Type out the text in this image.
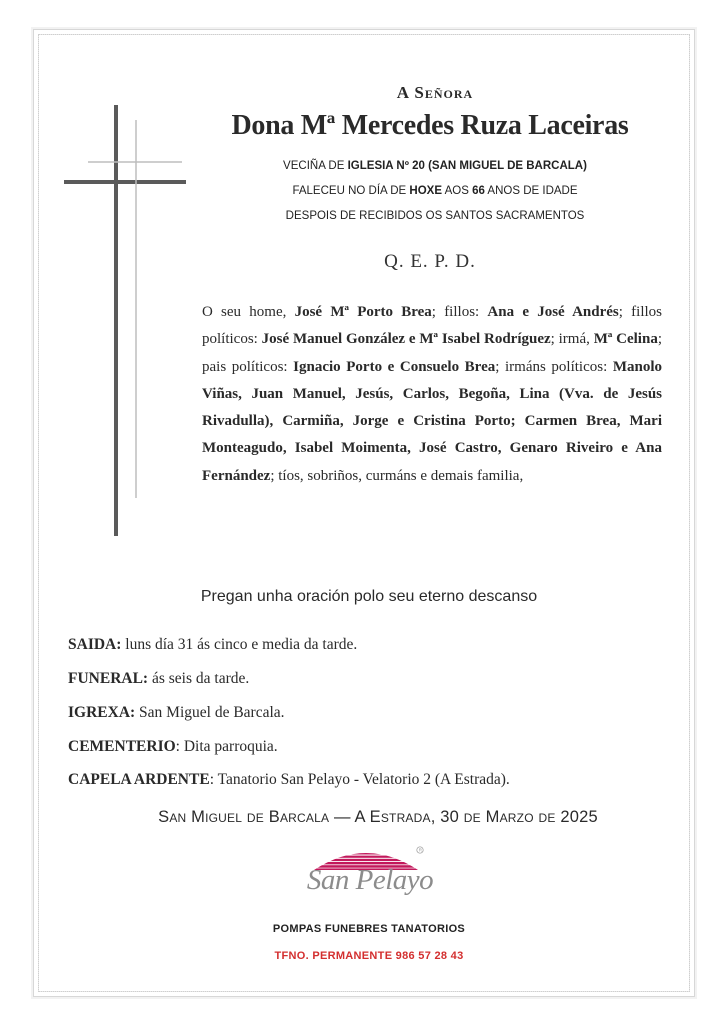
A Señora
Dona Mª Mercedes Ruza Laceiras
VECIÑA DE IGLESIA Nº 20 (SAN MIGUEL DE BARCALA)
FALECEU NO DÍA DE HOXE AOS 66 ANOS DE IDADE
DESPOIS DE RECIBIDOS OS SANTOS SACRAMENTOS
Q. E. P. D.
O seu home, José Mª Porto Brea; fillos: Ana e José Andrés; fillos políticos: José Manuel González e Mª Isabel Rodríguez; irmá, Mª Celina; pais políticos: Ignacio Porto e Consuelo Brea; irmáns políticos: Manolo Viñas, Juan Manuel, Jesús, Carlos, Begoña, Lina (Vva. de Jesús Rivadulla), Carmiña, Jorge e Cristina Porto; Carmen Brea, Mari Monteagudo, Isabel Moimenta, José Castro, Genaro Riveiro e Ana Fernández; tíos, sobriños, curmáns e demais familia,
Pregan unha oración polo seu eterno descanso
SAIDA: luns día 31 ás cinco e media da tarde.
FUNERAL: ás seis da tarde.
IGREXA: San Miguel de Barcala.
CEMENTERIO: Dita parroquia.
CAPELA ARDENTE: Tanatorio San Pelayo - Velatorio 2 (A Estrada).
San Miguel de Barcala — A Estrada, 30 de Marzo de 2025
R
San Pelayo
POMPAS FUNEBRES TANATORIOS
TFNO. PERMANENTE 986 57 28 43
